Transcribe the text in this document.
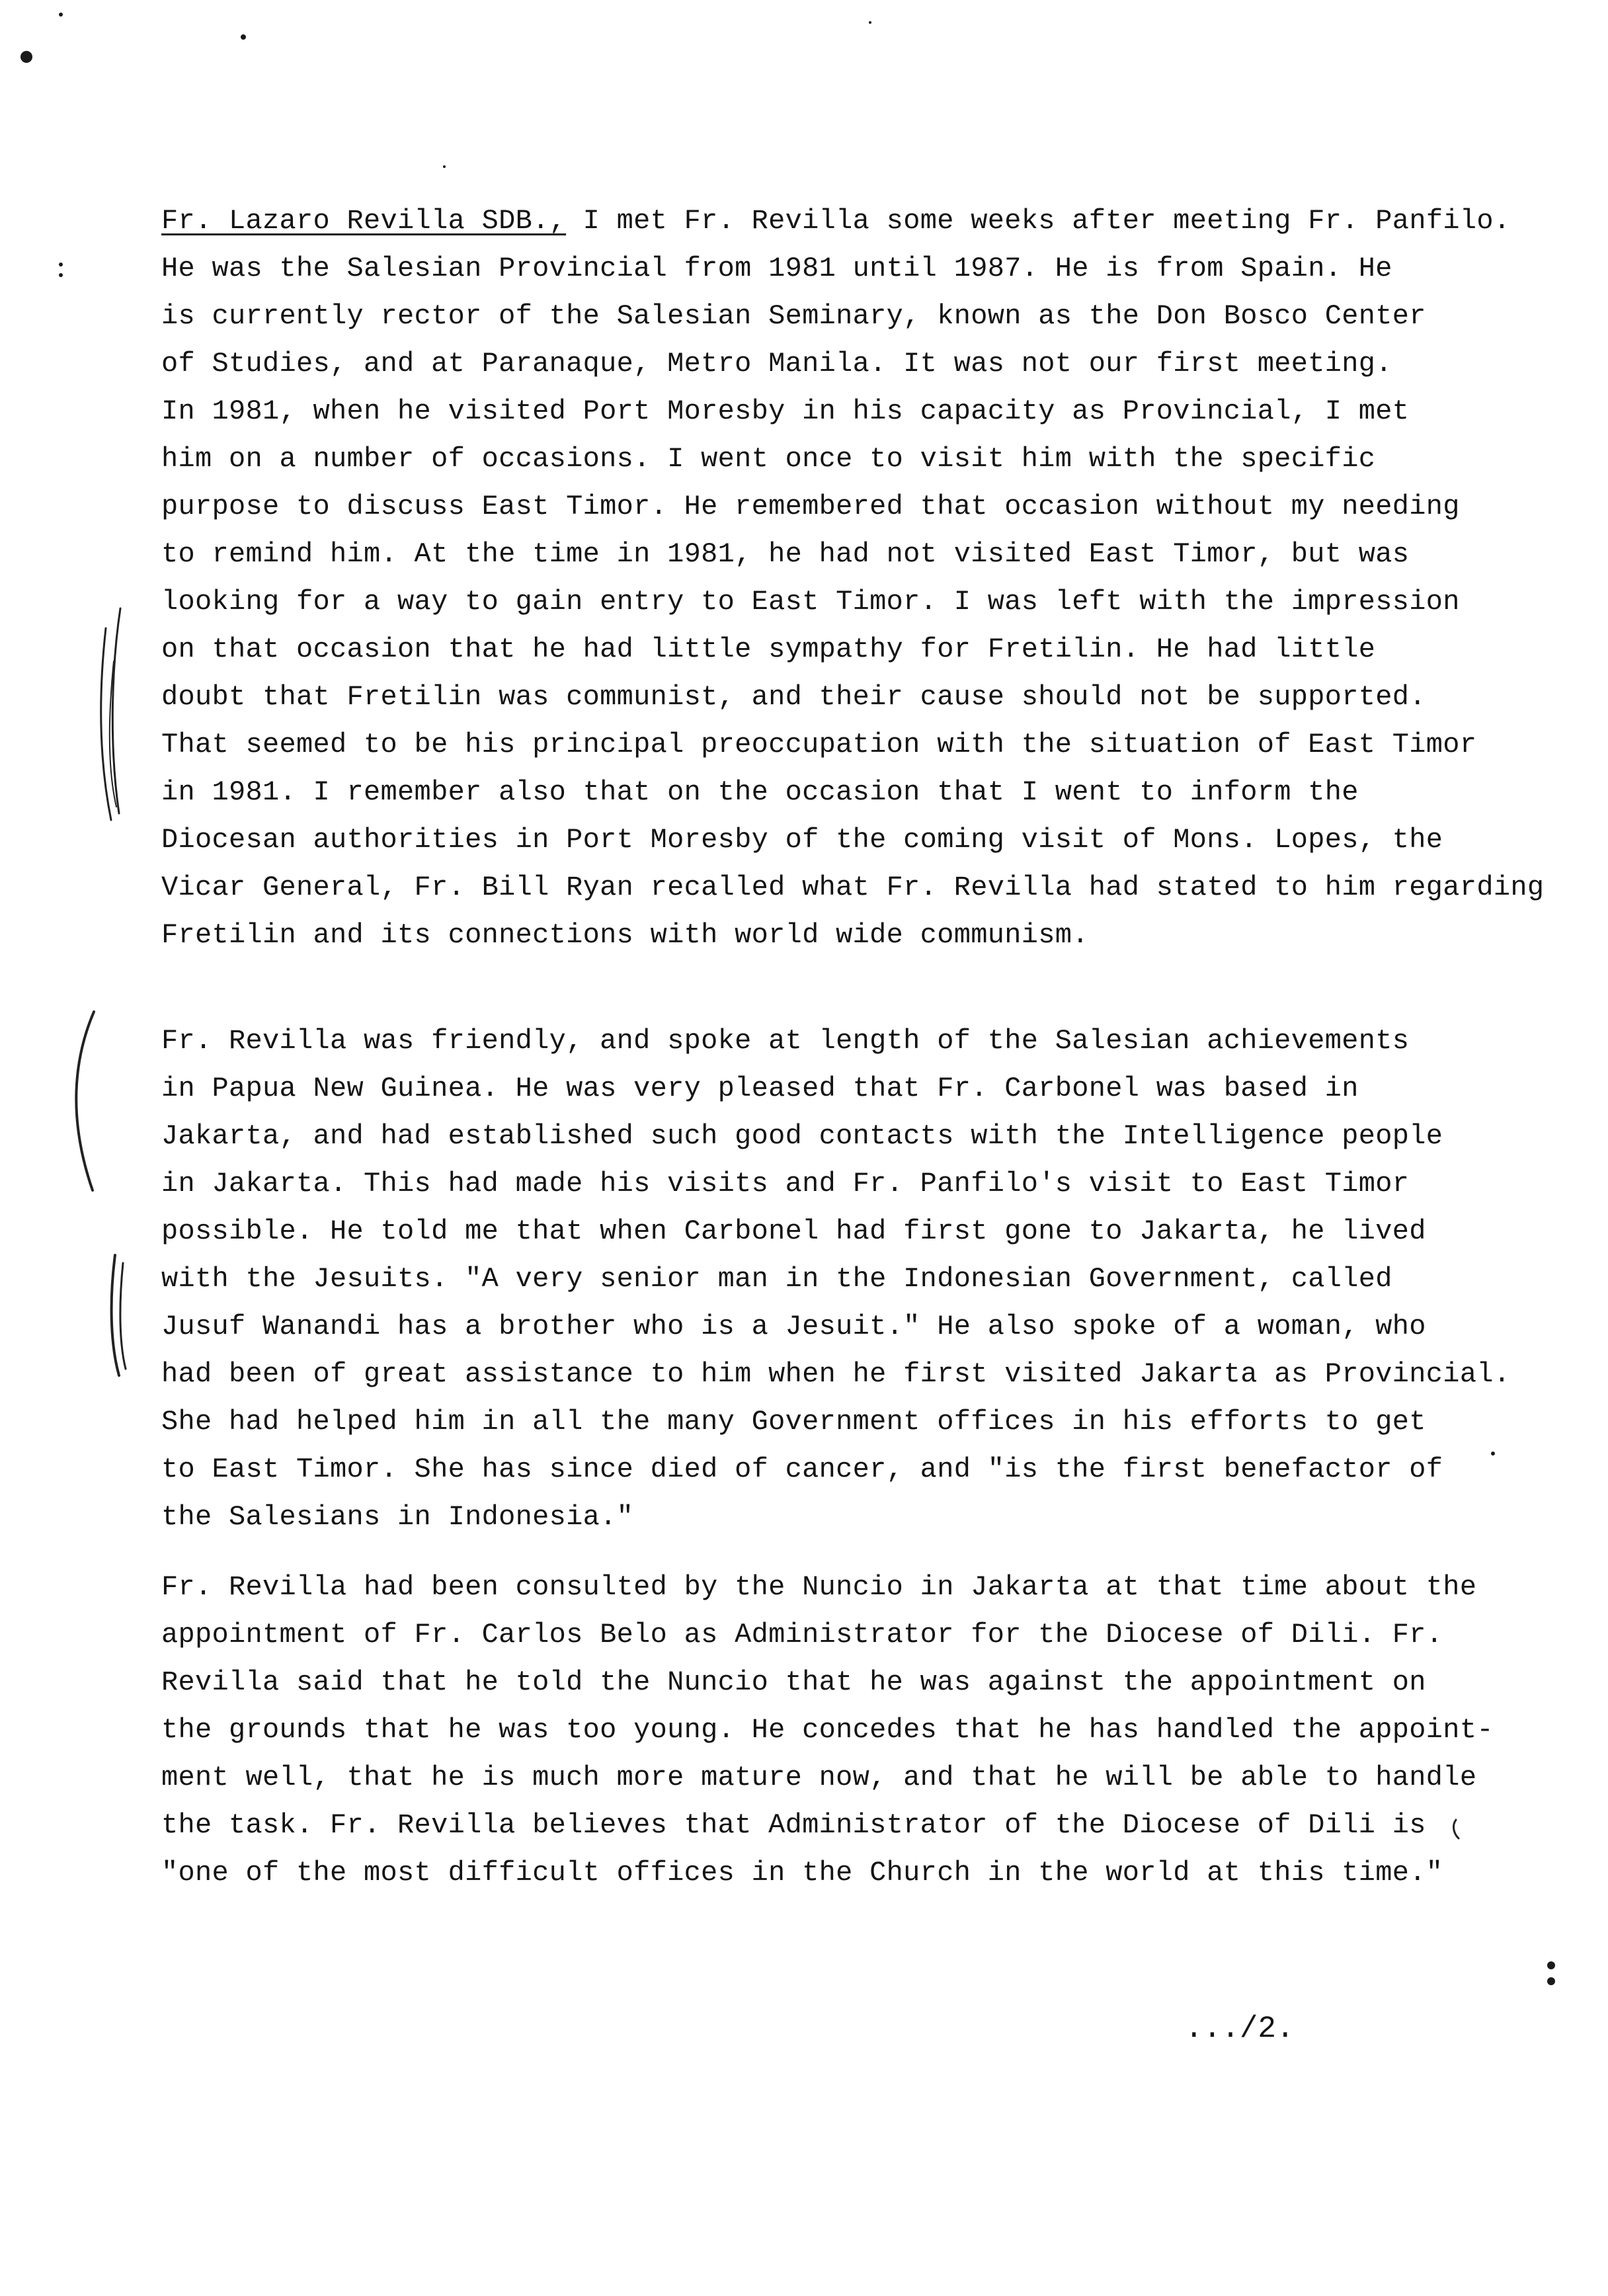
Fr. Lazaro Revilla SDB., I met Fr. Revilla some weeks after meeting Fr. Panfilo.
He was the Salesian Provincial from 1981 until 1987. He is from Spain. He
is currently rector of the Salesian Seminary, known as the Don Bosco Center
of Studies, and at Paranaque, Metro Manila. It was not our first meeting.
In 1981, when he visited Port Moresby in his capacity as Provincial, I met
him on a number of occasions. I went once to visit him with the specific
purpose to discuss East Timor. He remembered that occasion without my needing
to remind him. At the time in 1981, he had not visited East Timor, but was
looking for a way to gain entry to East Timor. I was left with the impression
on that occasion that he had little sympathy for Fretilin. He had little
doubt that Fretilin was communist, and their cause should not be supported.
That seemed to be his principal preoccupation with the situation of East Timor
in 1981. I remember also that on the occasion that I went to inform the
Diocesan authorities in Port Moresby of the coming visit of Mons. Lopes, the
Vicar General, Fr. Bill Ryan recalled what Fr. Revilla had stated to him regarding
Fretilin and its connections with world wide communism.
Fr. Revilla was friendly, and spoke at length of the Salesian achievements
in Papua New Guinea. He was very pleased that Fr. Carbonel was based in
Jakarta, and had established such good contacts with the Intelligence people
in Jakarta. This had made his visits and Fr. Panfilo's visit to East Timor
possible. He told me that when Carbonel had first gone to Jakarta, he lived
with the Jesuits. "A very senior man in the Indonesian Government, called
Jusuf Wanandi has a brother who is a Jesuit." He also spoke of a woman, who
had been of great assistance to him when he first visited Jakarta as Provincial.
She had helped him in all the many Government offices in his efforts to get
to East Timor. She has since died of cancer, and "is the first benefactor of
the Salesians in Indonesia."
Fr. Revilla had been consulted by the Nuncio in Jakarta at that time about the
appointment of Fr. Carlos Belo as Administrator for the Diocese of Dili. Fr.
Revilla said that he told the Nuncio that he was against the appointment on
the grounds that he was too young. He concedes that he has handled the appoint-
ment well, that he is much more mature now, and that he will be able to handle
the task. Fr. Revilla believes that Administrator of the Diocese of Dili is
"one of the most difficult offices in the Church in the world at this time."
.../2.
